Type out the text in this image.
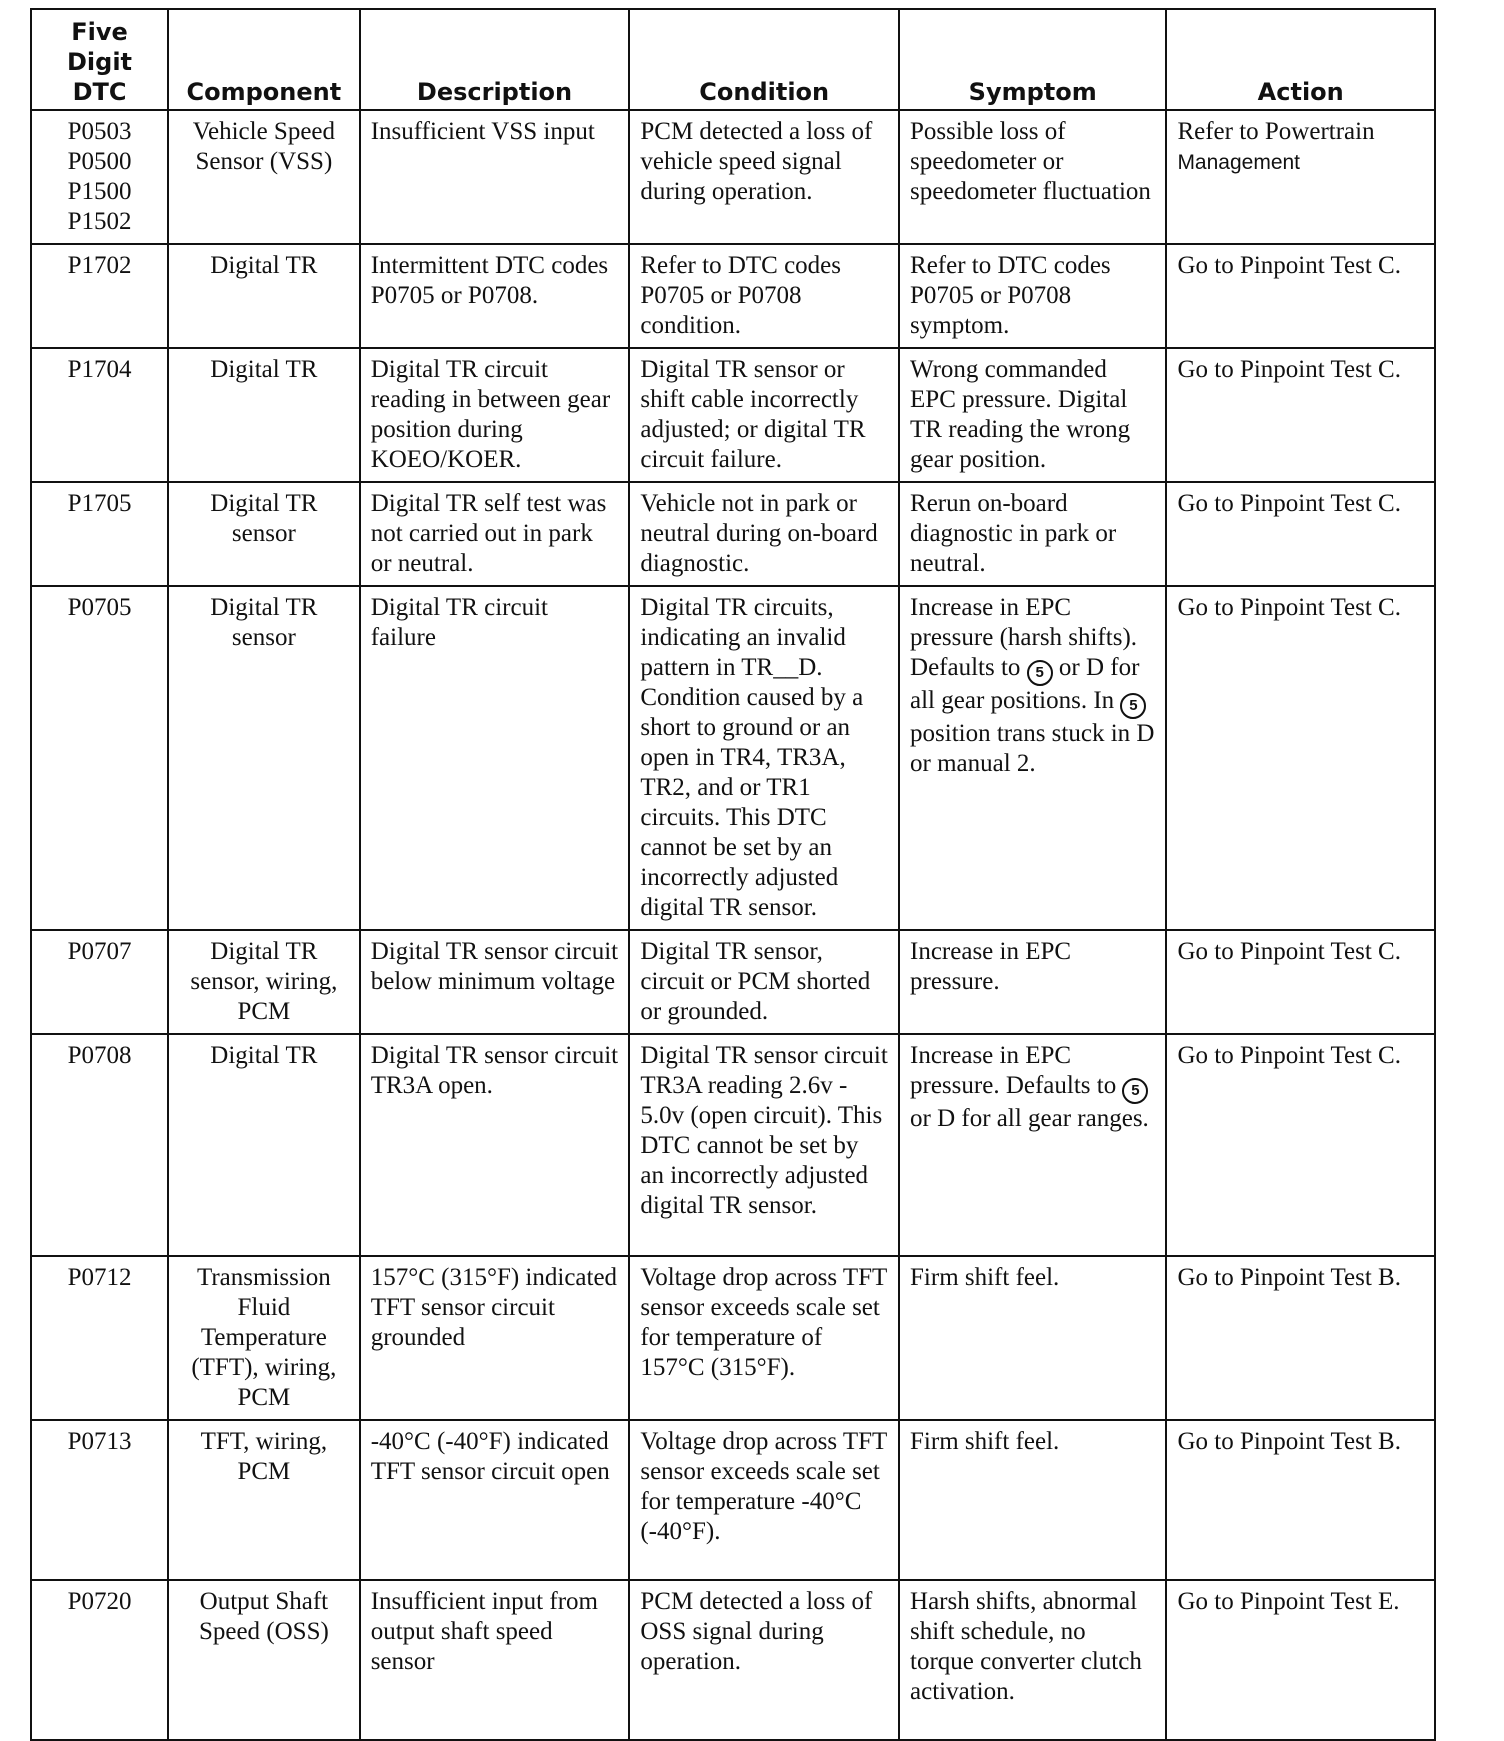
Five
Digit
DTC	Component	Description	Condition	Symptom	Action
P0503
P0500
P1500
P1502	Vehicle Speed Sensor (VSS)	Insufficient VSS input	PCM detected a loss of vehicle speed signal during operation.	Possible loss of speedometer or speedometer fluctuation	Refer to Powertrain
Management
P1702	Digital TR	Intermittent DTC codes P0705 or P0708.	Refer to DTC codes P0705 or P0708 condition.	Refer to DTC codes P0705 or P0708 symptom.	Go to Pinpoint Test C.
P1704	Digital TR	Digital TR circuit reading in between gear position during KOEO/KOER.	Digital TR sensor or shift cable incorrectly adjusted; or digital TR circuit failure.	Wrong commanded EPC pressure. Digital TR reading the wrong gear position.	Go to Pinpoint Test C.
P1705	Digital TR sensor	Digital TR self test was not carried out in park or neutral.	Vehicle not in park or neutral during on-board diagnostic.	Rerun on-board diagnostic in park or neutral.	Go to Pinpoint Test C.
P0705	Digital TR sensor	Digital TR circuit failure	Digital TR circuits, indicating an invalid pattern in TR__D. Condition caused by a short to ground or an open in TR4, TR3A, TR2, and or TR1 circuits. This DTC cannot be set by an incorrectly adjusted digital TR sensor.	Increase in EPC pressure (harsh shifts). Defaults to 5 or D for all gear positions. In 5 position trans stuck in D or manual 2.	Go to Pinpoint Test C.
P0707	Digital TR sensor, wiring, PCM	Digital TR sensor circuit below minimum voltage	Digital TR sensor, circuit or PCM shorted or grounded.	Increase in EPC pressure.	Go to Pinpoint Test C.
P0708	Digital TR	Digital TR sensor circuit TR3A open.	Digital TR sensor circuit TR3A reading 2.6v - 5.0v (open circuit). This DTC cannot be set by an incorrectly adjusted digital TR sensor.	Increase in EPC pressure. Defaults to 5 or D for all gear ranges.	Go to Pinpoint Test C.
P0712	Transmission Fluid Temperature (TFT), wiring, PCM	157°C (315°F) indicated TFT sensor circuit grounded	Voltage drop across TFT sensor exceeds scale set for temperature of 157°C (315°F).	Firm shift feel.	Go to Pinpoint Test B.
P0713	TFT, wiring, PCM	-40°C (-40°F) indicated TFT sensor circuit open	Voltage drop across TFT sensor exceeds scale set for temperature -40°C (-40°F).	Firm shift feel.	Go to Pinpoint Test B.
P0720	Output Shaft Speed (OSS)	Insufficient input from output shaft speed sensor	PCM detected a loss of OSS signal during operation.	Harsh shifts, abnormal shift schedule, no torque converter clutch activation.	Go to Pinpoint Test E.
